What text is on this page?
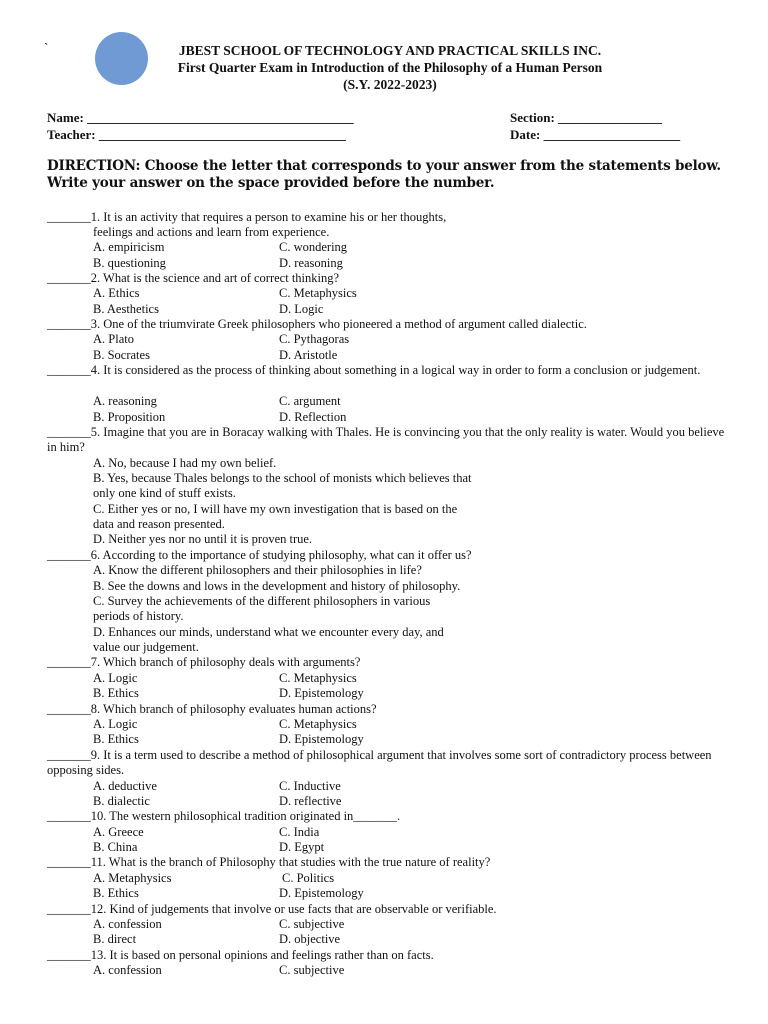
`	JBEST SCHOOL OF TECHNOLOGY AND PRACTICAL SKILLS INC.
First Quarter Exam in Introduction of the Philosophy of a Human Person
(S.Y. 2022-2023)
Name: _________________________________________	Section: ________________
Teacher: ______________________________________	Date: _____________________
DIRECTION: Choose the letter that corresponds to your answer from the statements below. Write your answer on the space provided before the number.
_______1. It is an activity that requires a person to examine his or her thoughts,
feelings and actions and learn from experience.
A. empiricism	C. wondering
B. questioning	D. reasoning
_______2. What is the science and art of correct thinking?
A. Ethics	C. Metaphysics
B. Aesthetics	D. Logic
_______3. One of the triumvirate Greek philosophers who pioneered a method of argument called dialectic.
A. Plato	C. Pythagoras
B. Socrates	D. Aristotle
_______4. It is considered as the process of thinking about something in a logical way in order to form a conclusion or judgement.
A. reasoning	C. argument
B. Proposition	D. Reflection
_______5. Imagine that you are in Boracay walking with Thales. He is convincing you that the only reality is water. Would you believe in him?
A. No, because I had my own belief.
B. Yes, because Thales belongs to the school of monists which believes that
only one kind of stuff exists.
C. Either yes or no, I will have my own investigation that is based on the
data and reason presented.
D. Neither yes nor no until it is proven true.
_______6. According to the importance of studying philosophy, what can it offer us?
A. Know the different philosophers and their philosophies in life?
B. See the downs and lows in the development and history of philosophy.
C. Survey the achievements of the different philosophers in various
periods of history.
D. Enhances our minds, understand what we encounter every day, and
value our judgement.
_______7. Which branch of philosophy deals with arguments?
A. Logic	C. Metaphysics
B. Ethics	D. Epistemology
_______8. Which branch of philosophy evaluates human actions?
A. Logic	C. Metaphysics
B. Ethics	D. Epistemology
_______9. It is a term used to describe a method of philosophical argument that involves some sort of contradictory process between opposing sides.
A. deductive	C. Inductive
B. dialectic	D. reflective
_______10. The western philosophical tradition originated in_______.
A. Greece	C. India
B. China	D. Egypt
_______11. What is the branch of Philosophy that studies with the true nature of reality?
A. Metaphysics	C. Politics
B. Ethics	D. Epistemology
_______12. Kind of judgements that involve or use facts that are observable or verifiable.
A. confession	C. subjective
B. direct	D. objective
_______13. It is based on personal opinions and feelings rather than on facts.
A. confession	C. subjective
